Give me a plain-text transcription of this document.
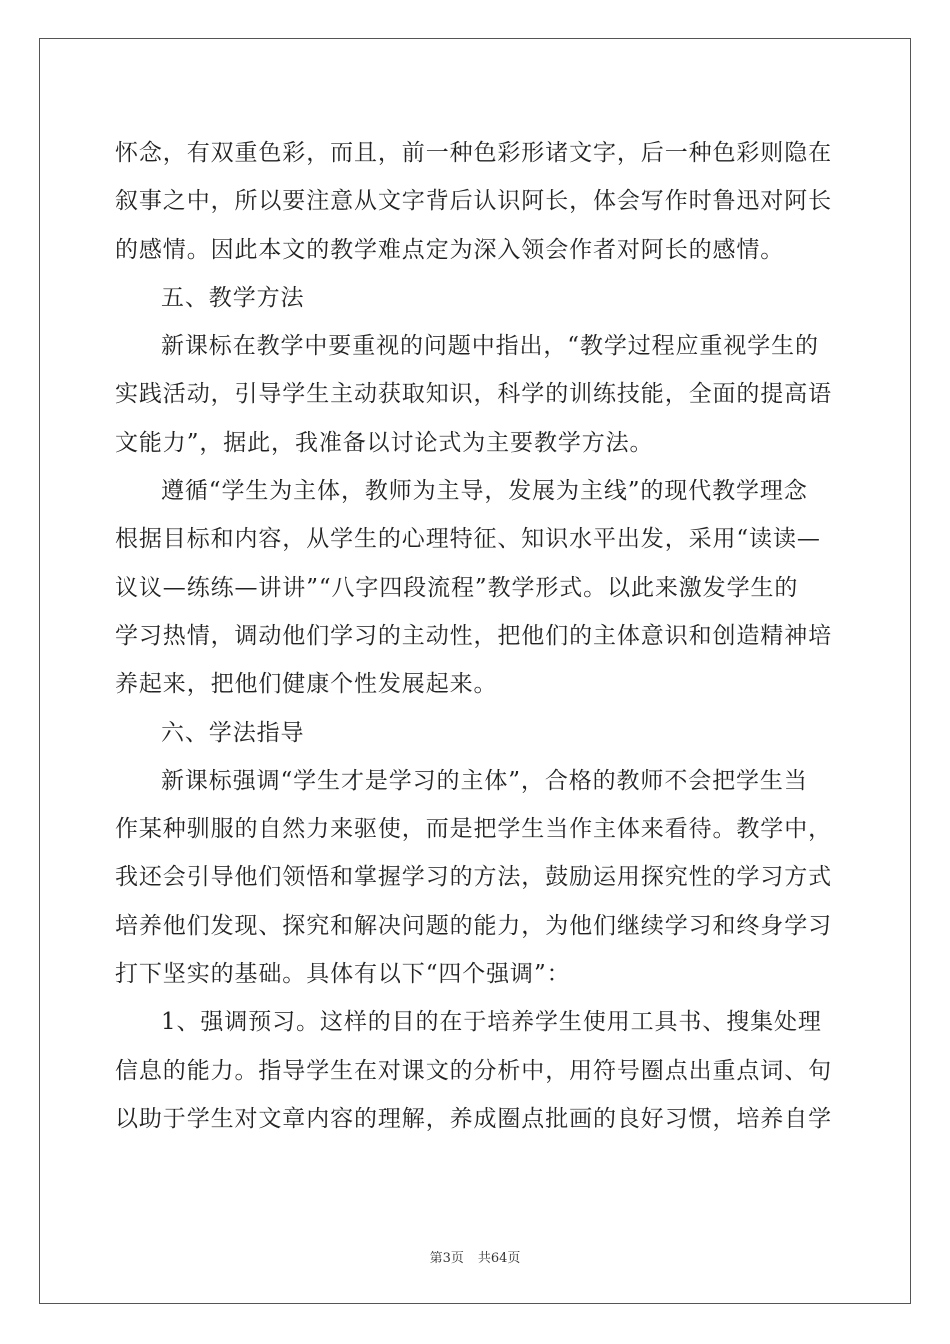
怀念，有双重色彩，而且，前一种色彩形诸文字，后一种色彩则隐在
叙事之中，所以要注意从文字背后认识阿长，体会写作时鲁迅对阿长
的感情。因此本文的教学难点定为深入领会作者对阿长的感情。
五、教学方法
新课标在教学中要重视的问题中指出，“教学过程应重视学生的
实践活动，引导学生主动获取知识，科学的训练技能，全面的提高语
文能力”，据此，我准备以讨论式为主要教学方法。
遵循“学生为主体，教师为主导，发展为主线”的现代教学理念
根据目标和内容，从学生的心理特征、知识水平出发，采用“读读—
议议—练练—讲讲”“八字四段流程”教学形式。以此来激发学生的
学习热情，调动他们学习的主动性，把他们的主体意识和创造精神培
养起来，把他们健康个性发展起来。
六、学法指导
新课标强调“学生才是学习的主体”，合格的教师不会把学生当
作某种驯服的自然力来驱使，而是把学生当作主体来看待。教学中，
我还会引导他们领悟和掌握学习的方法，鼓励运用探究性的学习方式
培养他们发现、探究和解决问题的能力，为他们继续学习和终身学习
打下坚实的基础。具体有以下“四个强调”：
1、强调预习。这样的目的在于培养学生使用工具书、搜集处理
信息的能力。指导学生在对课文的分析中，用符号圈点出重点词、句
以助于学生对文章内容的理解，养成圈点批画的良好习惯，培养自学
第3页 共64页
